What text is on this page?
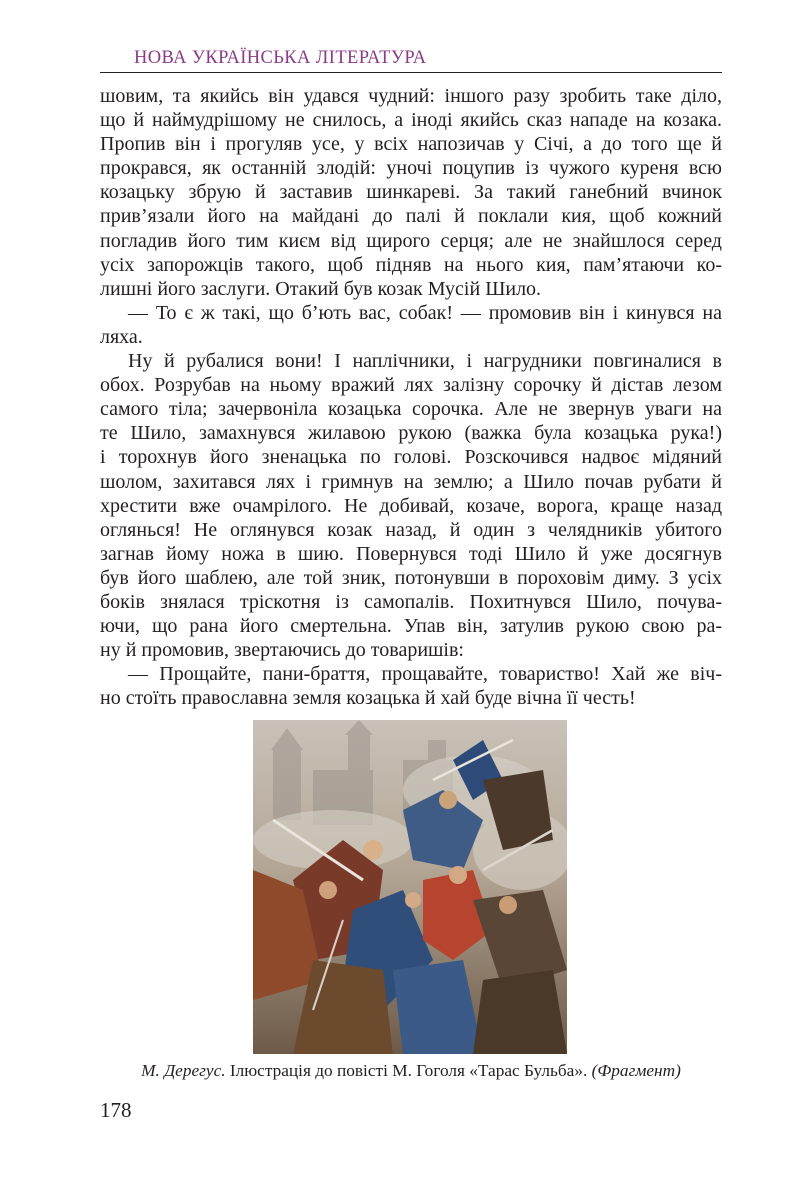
НОВА УКРАЇНСЬКА ЛІТЕРАТУРА
шовим, та якийсь він удався чудний: іншого разу зробить таке діло,
що й наймудрішому не снилось, а іноді якийсь сказ нападе на козака.
Пропив він і прогуляв усе, у всіх напозичав у Січі, а до того ще й
прокрався, як останній злодій: уночі поцупив із чужого куреня всю
козацьку збрую й заставив шинкареві. За такий ганебний вчинок
прив’язали його на майдані до палі й поклали кия, щоб кожний
погладив його тим києм від щирого серця; але не знайшлося серед
усіх запорожців такого, щоб підняв на нього кия, пам’ятаючи ко-
лишні його заслуги. Отакий був козак Мусій Шило.
— То є ж такі, що б’ють вас, собак! — промовив він і кинувся на
ляха.
Ну й рубалися вони! І наплічники, і нагрудники повгиналися в
обох. Розрубав на ньому вражий лях залізну сорочку й дістав лезом
самого тіла; зачервоніла козацька сорочка. Але не звернув уваги на
те Шило, замахнувся жилавою рукою (важка була козацька рука!)
і торохнув його зненацька по голові. Розскочився надвоє мідяний
шолом, захитався лях і гримнув на землю; а Шило почав рубати й
хрестити вже очамрілого. Не добивай, козаче, ворога, краще назад
оглянься! Не оглянувся козак назад, й один з челядників убитого
загнав йому ножа в шию. Повернувся тоді Шило й уже досягнув
був його шаблею, але той зник, потонувши в пороховім диму. З усіх
боків знялася тріскотня із самопалів. Похитнувся Шило, почува-
ючи, що рана його смертельна. Упав він, затулив рукою свою ра-
ну й промовив, звертаючись до товаришів:
— Прощайте, пани-браття, прощавайте, товариство! Хай же віч-
но стоїть православна земля козацька й хай буде вічна її честь!
М. Дерегус. Ілюстрація до повісті М. Гоголя «Тарас Бульба». (Фрагмент)
178
